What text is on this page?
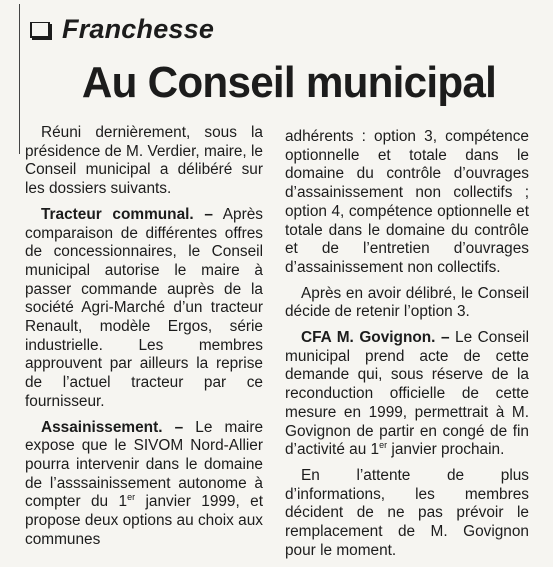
Franchesse
Au Conseil municipal

Réuni dernièrement, sous la présidence de M. Verdier, maire, le Conseil municipal a délibéré sur les dossiers suivants.

Tracteur communal. – Après comparaison de différentes offres de concessionnaires, le Conseil municipal autorise le maire à passer commande auprès de la société Agri-Marché d’un tracteur Renault, modèle Ergos, série industrielle. Les membres approuvent par ailleurs la reprise de l’actuel tracteur par ce fournisseur.

Assainissement. – Le maire expose que le SIVOM Nord-Allier pourra intervenir dans le domaine de l’asssainissement autonome à compter du 1er janvier 1999, et propose deux options au choix aux communes

adhérents : option 3, compétence optionnelle et totale dans le domaine du contrôle d’ouvrages d’assainissement non collectifs ; option 4, compétence optionnelle et totale dans le domaine du contrôle et de l’entretien d’ouvrages d’assainissement non collectifs.

Après en avoir délibré, le Conseil décide de retenir l’option 3.

CFA M. Govignon. – Le Conseil municipal prend acte de cette demande qui, sous réserve de la reconduction officielle de cette mesure en 1999, permettrait à M. Govignon de partir en congé de fin d’activité au 1er janvier prochain.

En l’attente de plus d’informations, les membres décident de ne pas prévoir le remplacement de M. Govignon pour le moment.
